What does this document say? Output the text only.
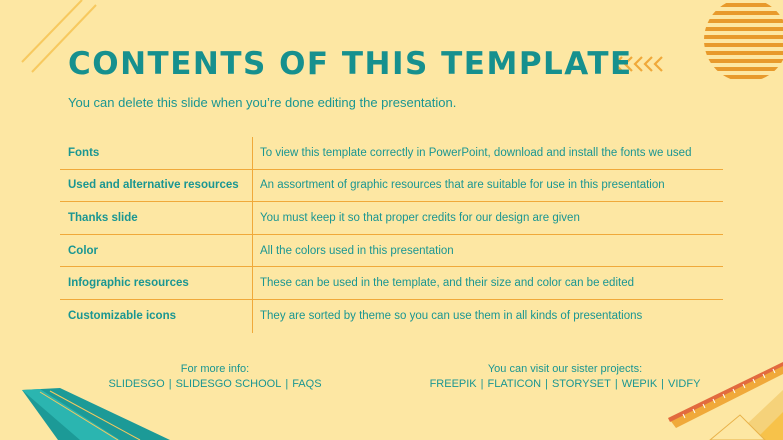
CONTENTS OF THIS TEMPLATE

You can delete this slide when you’re done editing the presentation.

Fonts	To view this template correctly in PowerPoint, download and install the fonts we used
Used and alternative resources	An assortment of graphic resources that are suitable for use in this presentation
Thanks slide	You must keep it so that proper credits for our design are given
Color	All the colors used in this presentation
Infographic resources	These can be used in the template, and their size and color can be edited
Customizable icons	They are sorted by theme so you can use them in all kinds of presentations
For more info:
SLIDESGO | SLIDESGO SCHOOL | FAQS
You can visit our sister projects:
FREEPIK | FLATICON | STORYSET | WEPIK | VIDFY
